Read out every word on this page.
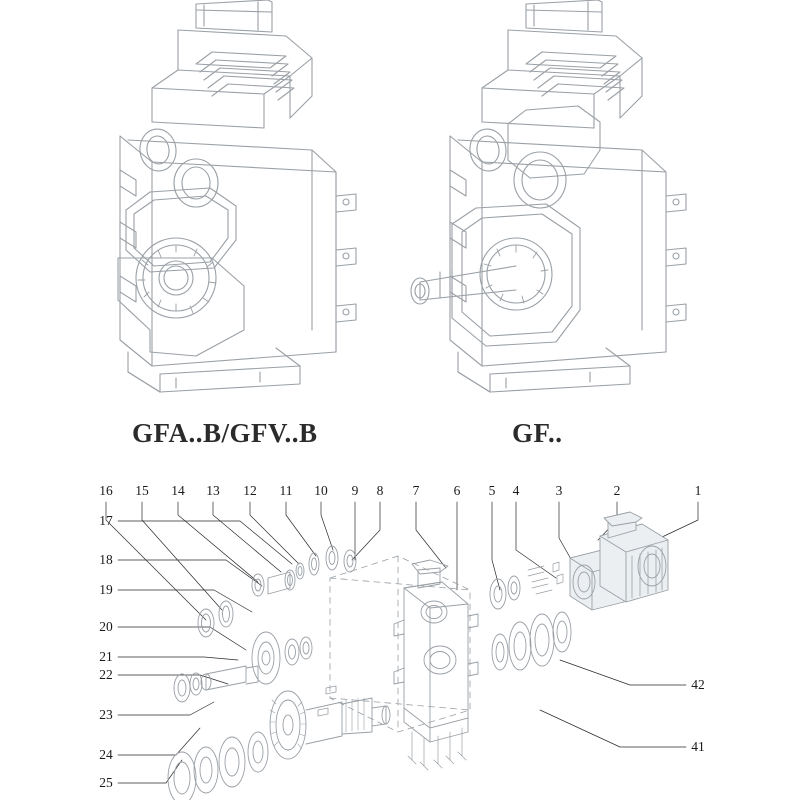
GFA..B/GFV..B	GF..
16	15	14	13	12	11	10	9	8	7	6	5	4	3	2	1
17
18
19
20
21
22
23
24
25
42
41
